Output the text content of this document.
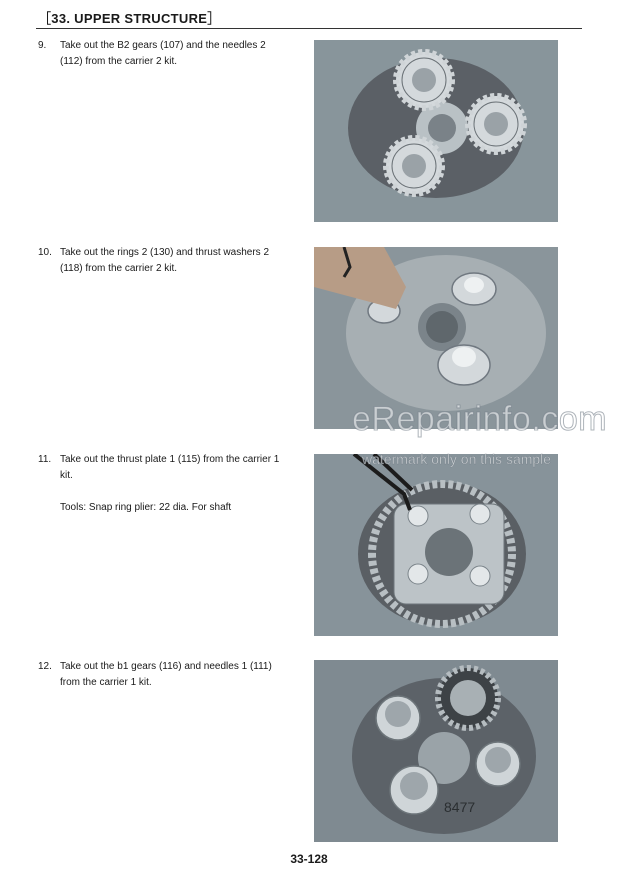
［33. UPPER STRUCTURE］
9.	Take out the B2 gears (107) and the needles 2 (112) from the carrier 2 kit.
10. Take out the rings 2 (130) and thrust washers 2 (118) from the carrier 2 kit.
11. Take out the thrust plate 1 (115) from the carrier 1 kit.
Tools: Snap ring plier: 22 dia. For shaft
12. Take out the b1 gears (116) and needles 1 (111) from the carrier 1 kit.
8477
eRepairinfo.com
watermark only on this sample
33-128
